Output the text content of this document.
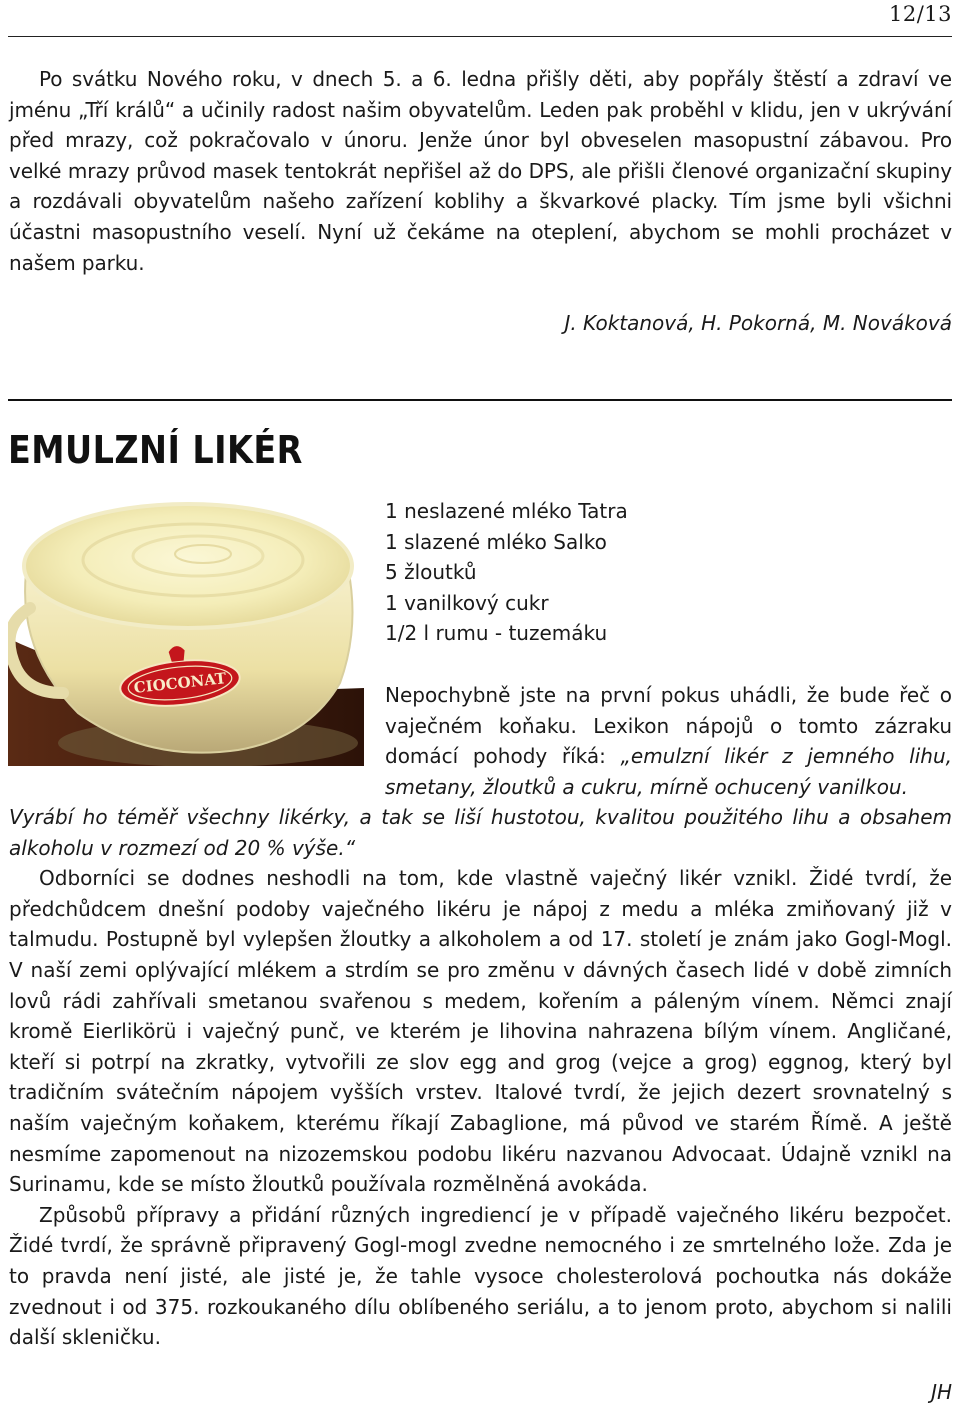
12/13

Po svátku Nového roku, v dnech 5. a 6. ledna přišly děti, aby popřály štěstí a zdraví ve jménu „Tří králů“ a učinily radost našim obyvatelům. Leden pak proběhl v klidu, jen v ukrývání před mrazy, což pokračovalo v únoru. Jenže únor byl obveselen masopustní zábavou. Pro velké mrazy průvod masek tentokrát nepřišel až do DPS, ale přišli členové organizační skupiny a rozdávali obyvatelům našeho zařízení koblihy a škvarkové placky. Tím jsme byli všichni účastni masopustního veselí. Nyní už čekáme na oteplení, abychom se mohli procházet v našem parku.

J. Koktanová, H. Pokorná, M. Nováková
EMULZNÍ LIKÉR
CIOCONAT
1 neslazené mléko Tatra
1 slazené mléko Salko
5 žloutků
1 vanilkový cukr
1/2 l rumu - tuzemáku

Nepochybně jste na první pokus uhádli, že bude řeč o vaječném koňaku. Lexikon nápojů o tomto zázraku domácí pohody říká: „emulzní likér z jemného lihu, smetany, žloutků a cukru, mírně ochucený vanilkou.

Vyrábí ho téměř všechny likérky, a tak se liší hustotou, kvalitou použitého lihu a obsahem alkoholu v rozmezí od 20 % výše.“

Odborníci se dodnes neshodli na tom, kde vlastně vaječný likér vznikl. Židé tvrdí, že předchůdcem dnešní podoby vaječného likéru je nápoj z medu a mléka zmiňovaný již v talmudu. Postupně byl vylepšen žloutky a alkoholem a od 17. století je znám jako Gogl-Mogl. V naší zemi oplývající mlékem a strdím se pro změnu v dávných časech lidé v době zimních lovů rádi zahřívali smetanou svařenou s medem, kořením a páleným vínem. Němci znají kromě Eierlikörü i vaječný punč, ve kterém je lihovina nahrazena bílým vínem. Angličané, kteří si potrpí na zkratky, vytvořili ze slov egg and grog (vejce a grog) eggnog, který byl tradičním svátečním nápojem vyšších vrstev. Italové tvrdí, že jejich dezert srovnatelný s naším vaječným koňakem, kterému říkají Zabaglione, má původ ve starém Římě. A ještě nesmíme zapomenout na nizozemskou podobu likéru nazvanou Advocaat. Údajně vznikl na Surinamu, kde se místo žloutků používala rozmělněná avokáda.

Způsobů přípravy a přidání různých ingrediencí je v případě vaječného likéru bezpočet. Židé tvrdí, že správně připravený Gogl-mogl zvedne nemocného i ze smrtelného lože. Zda je to pravda není jisté, ale jisté je, že tahle vysoce cholesterolová pochoutka nás dokáže zvednout i od 375. rozkoukaného dílu oblíbeného seriálu, a to jenom proto, abychom si nalili další skleničku.

JH
